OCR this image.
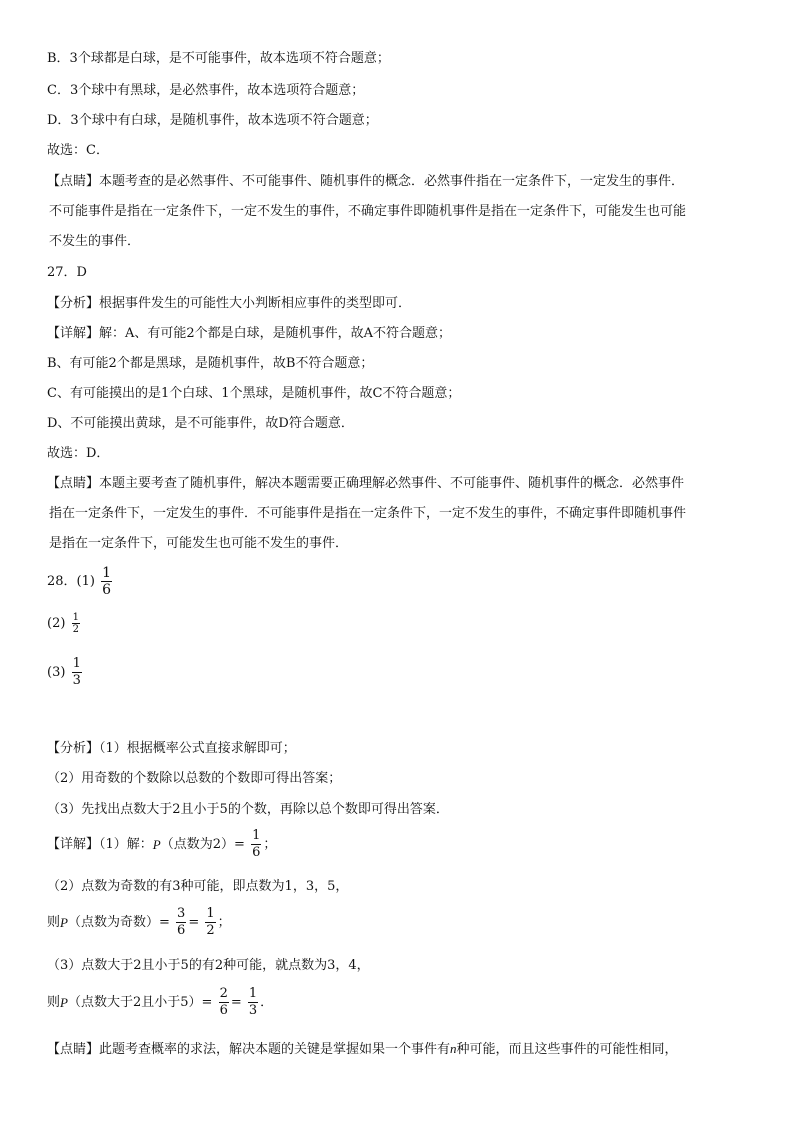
B．3个球都是白球，是不可能事件，故本选项不符合题意；
C．3个球中有黑球，是必然事件，故本选项符合题意；
D．3个球中有白球，是随机事件，故本选项不符合题意；
故选：C．
【点睛】本题考查的是必然事件、不可能事件、随机事件的概念．必然事件指在一定条件下，一定发生的事件．
不可能事件是指在一定条件下，一定不发生的事件，不确定事件即随机事件是指在一定条件下，可能发生也可能
不发生的事件．
27．D
【分析】根据事件发生的可能性大小判断相应事件的类型即可．
【详解】解：A、有可能2个都是白球，是随机事件，故A不符合题意；
B、有可能2个都是黑球，是随机事件，故B不符合题意；
C、有可能摸出的是1个白球、1个黑球，是随机事件，故C不符合题意；
D、不可能摸出黄球，是不可能事件，故D符合题意．
故选：D．
【点睛】本题主要考查了随机事件，解决本题需要正确理解必然事件、不可能事件、随机事件的概念．必然事件
指在一定条件下，一定发生的事件．不可能事件是指在一定条件下，一定不发生的事件，不确定事件即随机事件
是指在一定条件下，可能发生也可能不发生的事件．
28．$(1) \frac{1}{6}$
$(2) \frac{1}{2}$
$(3) \frac{1}{3}$
【分析】（1）根据概率公式直接求解即可；
（2）用奇数的个数除以总数的个数即可得出答案；
（3）先找出点数大于2且小于5的个数，再除以总个数即可得出答案．
【详解】（1）解：P（点数为$2)= \frac{1}{6}$ ；
（2）点数为奇数的有3种可能，即点数为1，3，5，
则P（点数为奇数）= $\frac{3}{6} = \frac{1}{2}$ ；
（3）点数大于2且小于5的有2种可能，就点数为3，4，
则P（点数大于2且小于$5)= \frac{2}{6} = \frac{1}{3}$ ．
【点睛】此题考查概率的求法，解决本题的关键是掌握如果一个事件有n种可能，而且这些事件的可能性相同，
